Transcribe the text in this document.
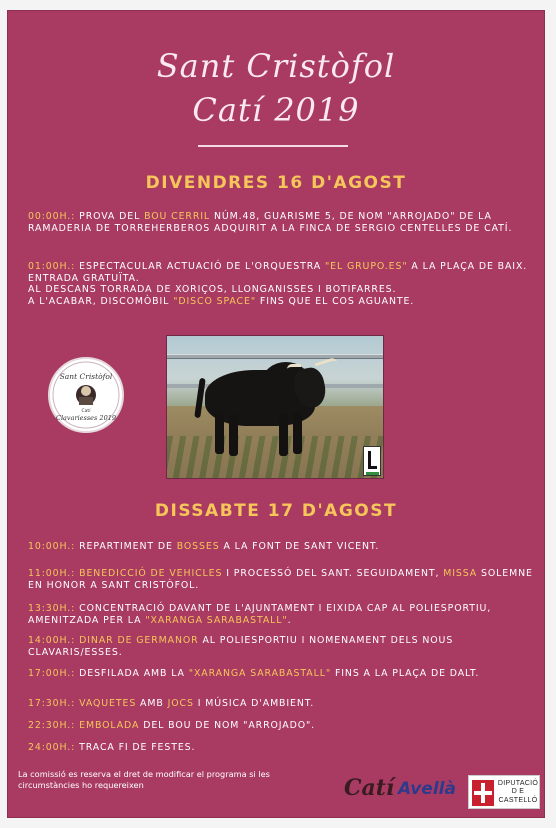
Sant Cristòfol
Catí 2019
DIVENDRES 16 D'AGOST
00:00H.: PROVA DEL BOU CERRIL NÚM.48, GUARISME 5, DE NOM "ARROJADO" DE LA RAMADERIA DE TORREHERBEROS ADQUIRIT A LA FINCA DE SERGIO CENTELLES DE CATÍ.
01:00H.: ESPECTACULAR ACTUACIÓ DE L'ORQUESTRA "EL GRUPO.ES" A LA PLAÇA DE BAIX. ENTRADA GRATUÏTA.
AL DESCANS TORRADA DE XORIÇOS, LLONGANISSES I BOTIFARRES.
A L'ACABAR, DISCOMÒBIL "DISCO SPACE" FINS QUE EL COS AGUANTE.
Sant Cristòfol
Catí
Clavariesses 2019
DISSABTE 17 D'AGOST
10:00H.: REPARTIMENT DE BOSSES A LA FONT DE SANT VICENT.
11:00H.: BENEDICCIÓ DE VEHICLES I PROCESSÓ DEL SANT. SEGUIDAMENT, MISSA SOLEMNE EN HONOR A SANT CRISTÒFOL.
13:30H.: CONCENTRACIÓ DAVANT DE L'AJUNTAMENT I EIXIDA CAP AL POLIESPORTIU, AMENITZADA PER LA "XARANGA SARABASTALL".
14:00H.: DINAR DE GERMANOR AL POLIESPORTIU I NOMENAMENT DELS NOUS CLAVARIS/ESSES.
17:00H.: DESFILADA AMB LA "XARANGA SARABASTALL" FINS A LA PLAÇA DE DALT.
17:30H.: VAQUETES AMB JOCS I MÚSICA D'AMBIENT.
22:30H.: EMBOLADA DEL BOU DE NOM "ARROJADO".
24:00H.: TRACA FI DE FESTES.
La comissió es reserva el dret de modificar el programa si les circumstàncies ho requereixen	Catí Avellà	DIPUTACIÓ
D E
CASTELLÓ
